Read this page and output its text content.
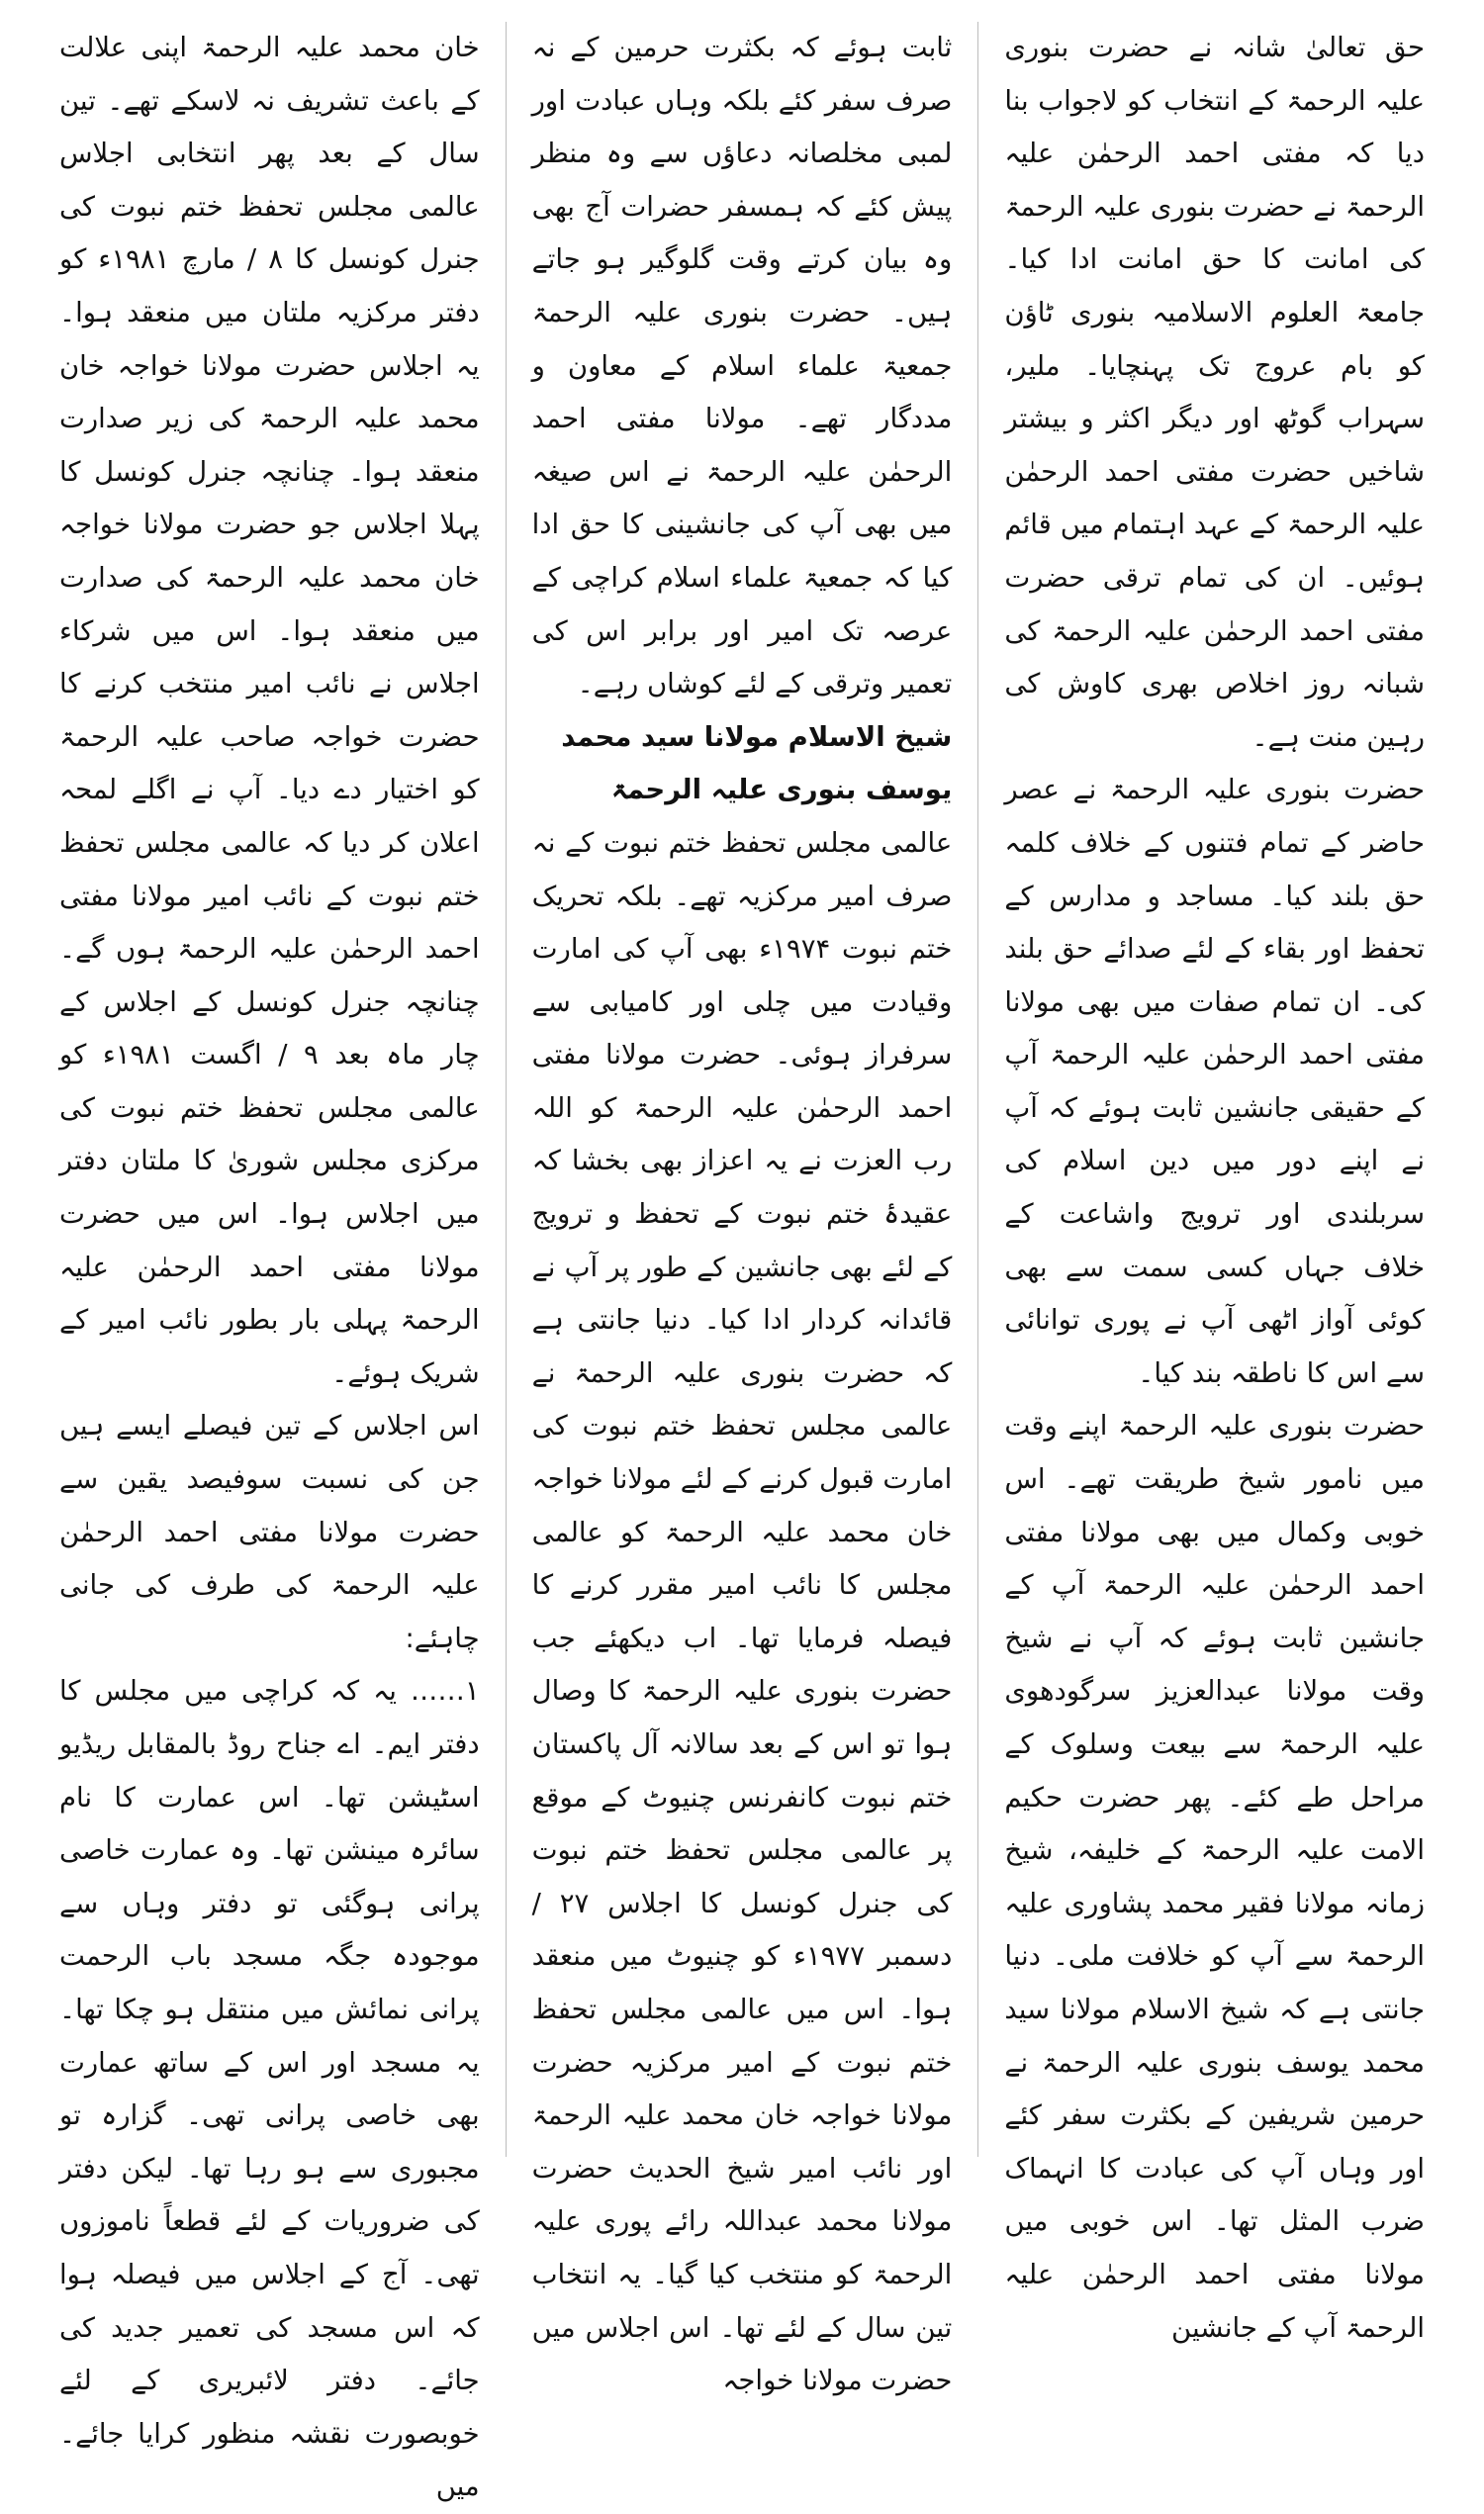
حق تعالیٰ شانہ نے حضرت بنوری علیہ الرحمۃ کے انتخاب کو لاجواب بنا دیا کہ مفتی احمد الرحمٰن علیہ الرحمۃ نے حضرت بنوری علیہ الرحمۃ کی امانت کا حق امانت ادا کیا۔ جامعۃ العلوم الاسلامیہ بنوری ٹاؤن کو بام عروج تک پہنچایا۔ ملیر، سہراب گوٹھ اور دیگر اکثر و بیشتر شاخیں حضرت مفتی احمد الرحمٰن علیہ الرحمۃ کے عہد اہتمام میں قائم ہوئیں۔ ان کی تمام ترقی حضرت مفتی احمد الرحمٰن علیہ الرحمۃ کی شبانہ روز اخلاص بھری کاوش کی رہین منت ہے۔

حضرت بنوری علیہ الرحمۃ نے عصر حاضر کے تمام فتنوں کے خلاف کلمہ حق بلند کیا۔ مساجد و مدارس کے تحفظ اور بقاء کے لئے صدائے حق بلند کی۔ ان تمام صفات میں بھی مولانا مفتی احمد الرحمٰن علیہ الرحمۃ آپ کے حقیقی جانشین ثابت ہوئے کہ آپ نے اپنے دور میں دین اسلام کی سربلندی اور ترویج واشاعت کے خلاف جہاں کسی سمت سے بھی کوئی آواز اٹھی آپ نے پوری توانائی سے اس کا ناطقہ بند کیا۔

حضرت بنوری علیہ الرحمۃ اپنے وقت میں نامور شیخ طریقت تھے۔ اس خوبی وکمال میں بھی مولانا مفتی احمد الرحمٰن علیہ الرحمۃ آپ کے جانشین ثابت ہوئے کہ آپ نے شیخ وقت مولانا عبدالعزیز سرگودھوی علیہ الرحمۃ سے بیعت وسلوک کے مراحل طے کئے۔ پھر حضرت حکیم الامت علیہ الرحمۃ کے خلیفہ، شیخ زمانہ مولانا فقیر محمد پشاوری علیہ الرحمۃ سے آپ کو خلافت ملی۔ دنیا جانتی ہے کہ شیخ الاسلام مولانا سید محمد یوسف بنوری علیہ الرحمۃ نے حرمین شریفین کے بکثرت سفر کئے اور وہاں آپ کی عبادت کا انہماک ضرب المثل تھا۔ اس خوبی میں مولانا مفتی احمد الرحمٰن علیہ الرحمۃ آپ کے جانشین

ثابت ہوئے کہ بکثرت حرمین کے نہ صرف سفر کئے بلکہ وہاں عبادت اور لمبی مخلصانہ دعاؤں سے وہ منظر پیش کئے کہ ہمسفر حضرات آج بھی وہ بیان کرتے وقت گلوگیر ہو جاتے ہیں۔ حضرت بنوری علیہ الرحمۃ جمعیۃ علماء اسلام کے معاون و مددگار تھے۔ مولانا مفتی احمد الرحمٰن علیہ الرحمۃ نے اس صیغہ میں بھی آپ کی جانشینی کا حق ادا کیا کہ جمعیۃ علماء اسلام کراچی کے عرصہ تک امیر اور برابر اس کی تعمیر وترقی کے لئے کوشاں رہے۔

شیخ الاسلام مولانا سید محمد یوسف بنوری علیہ الرحمۃ

عالمی مجلس تحفظ ختم نبوت کے نہ صرف امیر مرکزیہ تھے۔ بلکہ تحریک ختم نبوت ۱۹۷۴ء بھی آپ کی امارت وقیادت میں چلی اور کامیابی سے سرفراز ہوئی۔ حضرت مولانا مفتی احمد الرحمٰن علیہ الرحمۃ کو اللہ رب العزت نے یہ اعزاز بھی بخشا کہ عقیدۂ ختم نبوت کے تحفظ و ترویج کے لئے بھی جانشین کے طور پر آپ نے قائدانہ کردار ادا کیا۔ دنیا جانتی ہے کہ حضرت بنوری علیہ الرحمۃ نے عالمی مجلس تحفظ ختم نبوت کی امارت قبول کرنے کے لئے مولانا خواجہ خان محمد علیہ الرحمۃ کو عالمی مجلس کا نائب امیر مقرر کرنے کا فیصلہ فرمایا تھا۔ اب دیکھئے جب حضرت بنوری علیہ الرحمۃ کا وصال ہوا تو اس کے بعد سالانہ آل پاکستان ختم نبوت کانفرنس چنیوٹ کے موقع پر عالمی مجلس تحفظ ختم نبوت کی جنرل کونسل کا اجلاس ۲۷ / دسمبر ۱۹۷۷ء کو چنیوٹ میں منعقد ہوا۔ اس میں عالمی مجلس تحفظ ختم نبوت کے امیر مرکزیہ حضرت مولانا خواجہ خان محمد علیہ الرحمۃ اور نائب امیر شیخ الحدیث حضرت مولانا محمد عبداللہ رائے پوری علیہ الرحمۃ کو منتخب کیا گیا۔ یہ انتخاب تین سال کے لئے تھا۔ اس اجلاس میں حضرت مولانا خواجہ

خان محمد علیہ الرحمۃ اپنی علالت کے باعث تشریف نہ لاسکے تھے۔ تین سال کے بعد پھر انتخابی اجلاس عالمی مجلس تحفظ ختم نبوت کی جنرل کونسل کا ۸ / مارچ ۱۹۸۱ء کو دفتر مرکزیہ ملتان میں منعقد ہوا۔ یہ اجلاس حضرت مولانا خواجہ خان محمد علیہ الرحمۃ کی زیر صدارت منعقد ہوا۔ چنانچہ جنرل کونسل کا پہلا اجلاس جو حضرت مولانا خواجہ خان محمد علیہ الرحمۃ کی صدارت میں منعقد ہوا۔ اس میں شرکاء اجلاس نے نائب امیر منتخب کرنے کا حضرت خواجہ صاحب علیہ الرحمۃ کو اختیار دے دیا۔ آپ نے اگلے لمحہ اعلان کر دیا کہ عالمی مجلس تحفظ ختم نبوت کے نائب امیر مولانا مفتی احمد الرحمٰن علیہ الرحمۃ ہوں گے۔ چنانچہ جنرل کونسل کے اجلاس کے چار ماہ بعد ۹ / اگست ۱۹۸۱ء کو عالمی مجلس تحفظ ختم نبوت کی مرکزی مجلس شوریٰ کا ملتان دفتر میں اجلاس ہوا۔ اس میں حضرت مولانا مفتی احمد الرحمٰن علیہ الرحمۃ پہلی بار بطور نائب امیر کے شریک ہوئے۔

اس اجلاس کے تین فیصلے ایسے ہیں جن کی نسبت سوفیصد یقین سے حضرت مولانا مفتی احمد الرحمٰن علیہ الرحمۃ کی طرف کی جانی چاہئے:

۱…… یہ کہ کراچی میں مجلس کا دفتر ایم۔ اے جناح روڈ بالمقابل ریڈیو اسٹیشن تھا۔ اس عمارت کا نام سائرہ مینشن تھا۔ وہ عمارت خاصی پرانی ہوگئی تو دفتر وہاں سے موجودہ جگہ مسجد باب الرحمت پرانی نمائش میں منتقل ہو چکا تھا۔ یہ مسجد اور اس کے ساتھ عمارت بھی خاصی پرانی تھی۔ گزارہ تو مجبوری سے ہو رہا تھا۔ لیکن دفتر کی ضروریات کے لئے قطعاً ناموزوں تھی۔ آج کے اجلاس میں فیصلہ ہوا کہ اس مسجد کی تعمیر جدید کی جائے۔ دفتر لائبریری کے لئے خوبصورت نقشہ منظور کرایا جائے۔ میں
